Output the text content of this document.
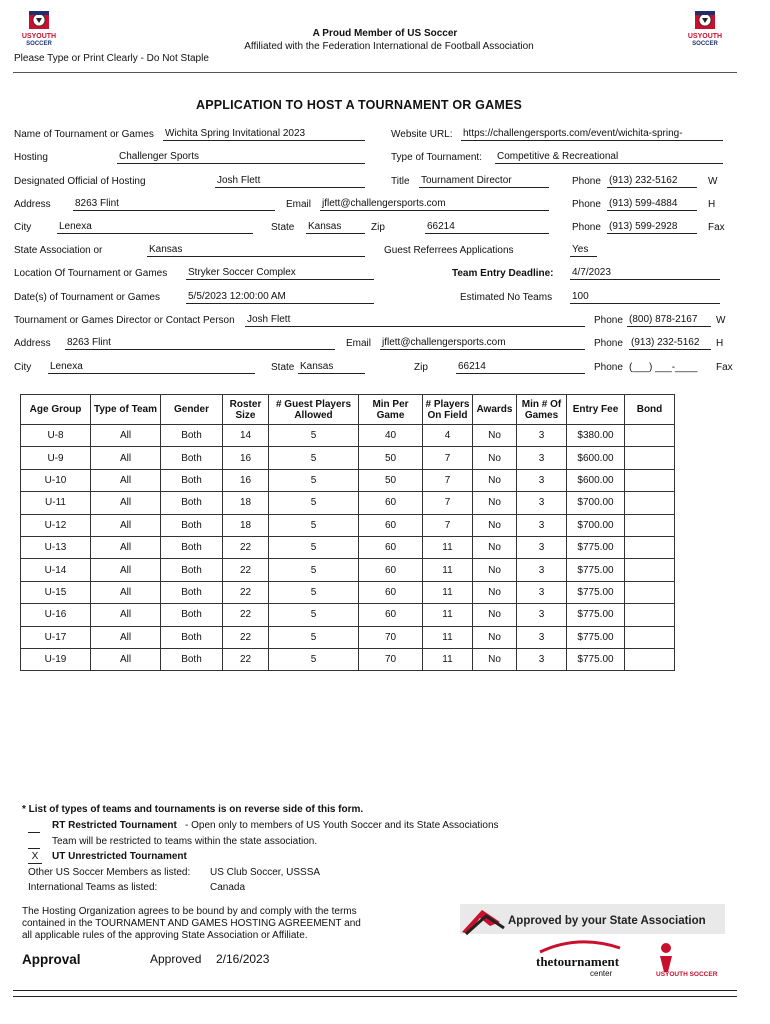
USYOUTH
SOCCER
USYOUTH
SOCCER
A Proud Member of US Soccer
Affiliated with the Federation International de Football Association
Please Type or Print Clearly - Do Not Staple
APPLICATION TO HOST A TOURNAMENT OR GAMES
Name of Tournament or Games Wichita Spring Invitational 2023	Website URL: https://challengersports.com/event/wichita-spring-
Hosting	Challenger Sports	Type of Tournament: Competitive & Recreational
Designated Official of Hosting	Josh Flett	Title Tournament Director	Phone (913) 232-5162	W
Address 8263 Flint	Email jflett@challengersports.com	Phone (913) 599-4884	H
City	Lenexa	State Kansas	Zip	66214	Phone (913) 599-2928	Fax
State Association or	Kansas	Guest Referrees Applications	Yes
Location Of Tournament or Games Stryker Soccer Complex	Team Entry Deadline: 4/7/2023
Date(s) of Tournament or Games	5/5/2023 12:00:00 AM	Estimated No Teams 100
Tournament or Games Director or Contact Person Josh Flett	Phone (800) 878-2167	W
Address 8263 Flint	Email jflett@challengersports.com	Phone (913) 232-5162	H
City Lenexa	State Kansas	Zip	66214	Phone (___) ___-____ Fax
Age Group	Type of Team	Gender	Roster Size	# Guest Players Allowed	Min Per Game	# Players On Field	Awards	Min # Of Games	Entry Fee	Bond
U-8	All	Both	14	5	40	4	No	3	$380.00	
U-9	All	Both	16	5	50	7	No	3	$600.00	
U-10	All	Both	16	5	50	7	No	3	$600.00	
U-11	All	Both	18	5	60	7	No	3	$700.00	
U-12	All	Both	18	5	60	7	No	3	$700.00	
U-13	All	Both	22	5	60	11	No	3	$775.00	
U-14	All	Both	22	5	60	11	No	3	$775.00	
U-15	All	Both	22	5	60	11	No	3	$775.00	
U-16	All	Both	22	5	60	11	No	3	$775.00	
U-17	All	Both	22	5	70	11	No	3	$775.00	
U-19	All	Both	22	5	70	11	No	3	$775.00	
* List of types of teams and tournaments is on reverse side of this form.
RT Restricted Tournament - Open only to members of US Youth Soccer and its State Associations
Team will be restricted to teams within the state association.
X	UT Unrestricted Tournament
Other US Soccer Members as listed: US Club Soccer, USSSA
International Teams as listed:	Canada
The Hosting Organization agrees to be bound by and comply with the terms
contained in the TOURNAMENT AND GAMES HOSTING AGREEMENT and
all applicable rules of the approving State Association or Affiliate.
Approval	Approved 2/16/2023
Approved by your State Association
thetournament
center	USYOUTH SOCCER
